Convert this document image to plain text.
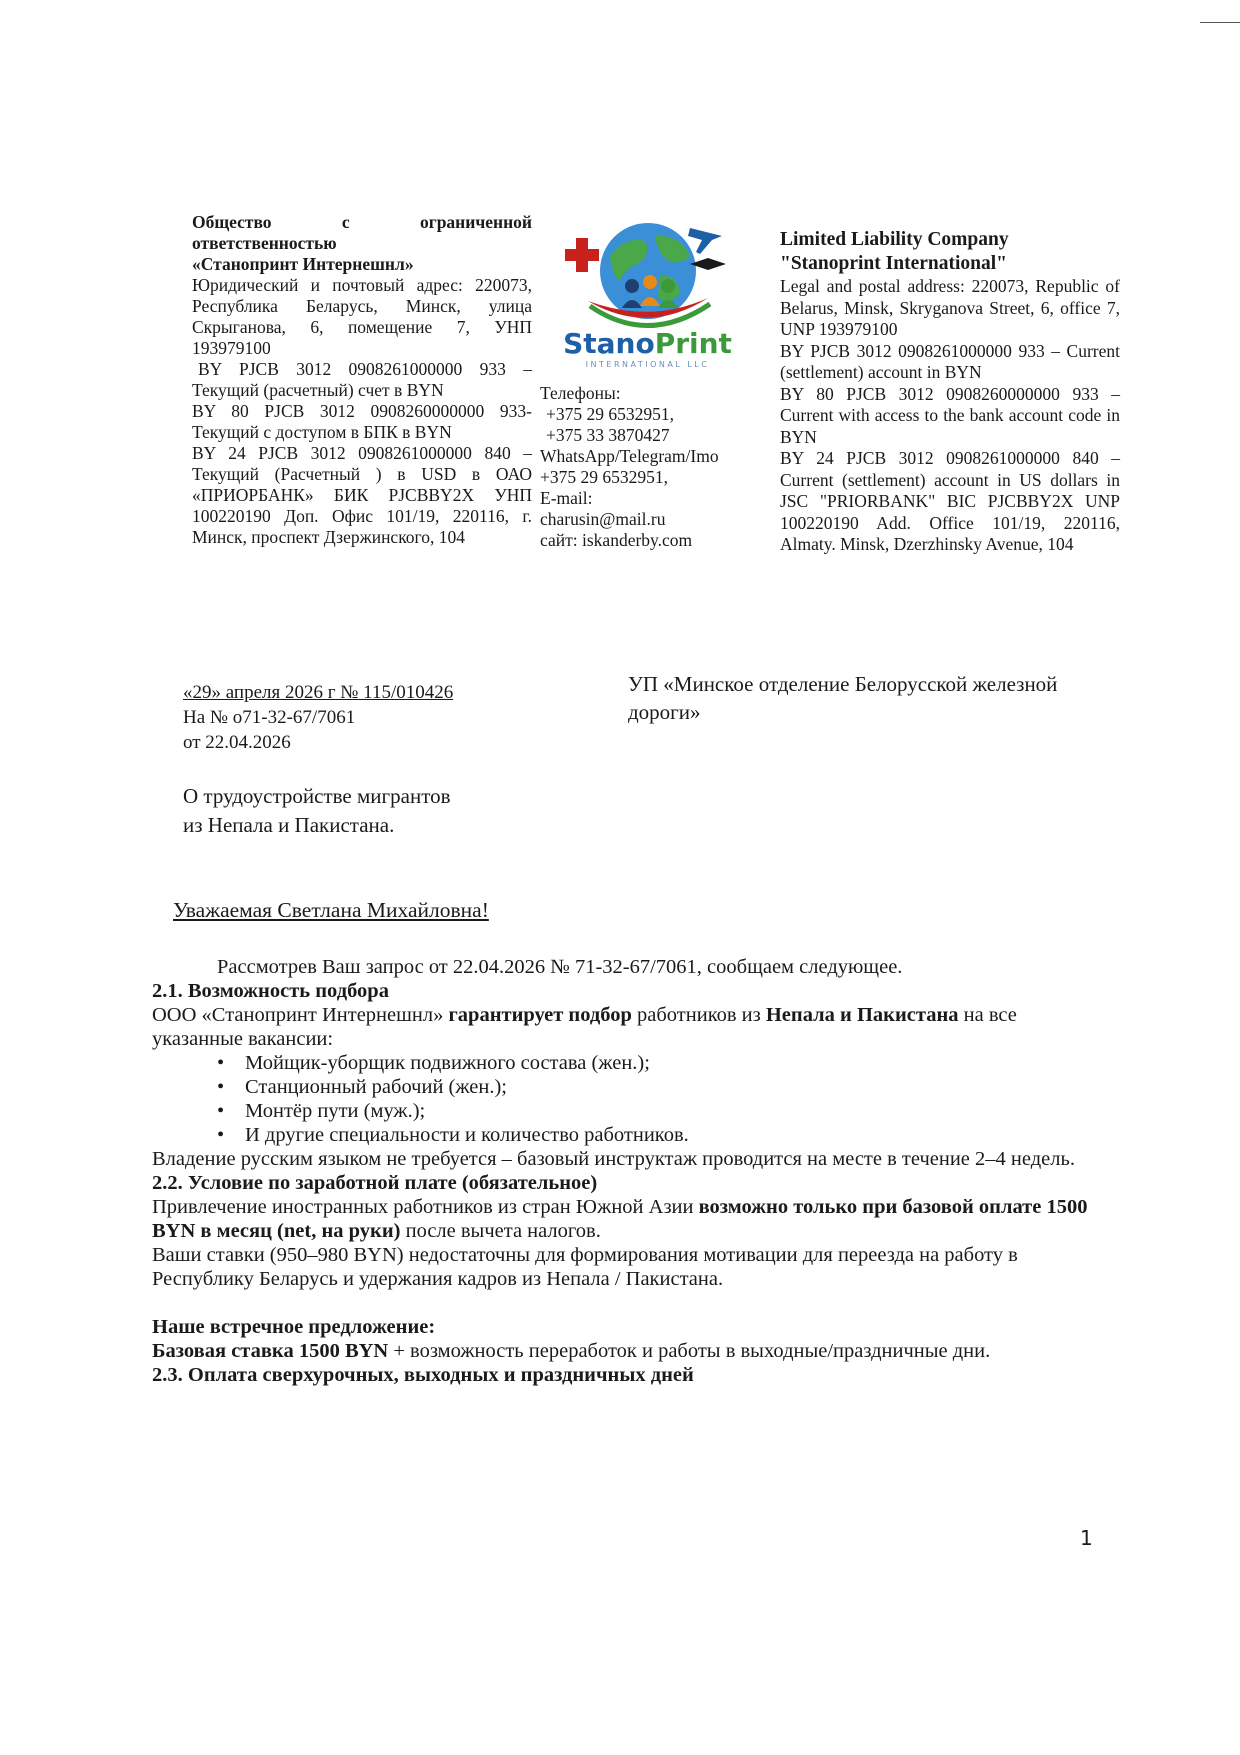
Общество	с	ограниченной
ответственностью
«Станопринт Интернешнл»

Юридический и почтовый адрес: 220073, Республика Беларусь, Минск, улица Скрыганова, 6, помещение 7, УНП 193979100

BY PJCB 3012 0908261000000 933 – Текущий (расчетный) счет в BYN

BY 80 PJCB 3012 0908260000000 933- Текущий с доступом в БПК в BYN

BY 24 PJCB 3012 0908261000000 840 – Текущий (Расчетный ) в USD в ОАО «ПРИОРБАНК» БИК PJCBBY2X УНП 100220190 Доп. Офис 101/19, 220116, г. Минск, проспект Дзержинского, 104

StanoPrint
INTERNATIONAL LLC
Телефоны:
+375 29 6532951,
+375 33 3870427
WhatsApp/Telegram/Imo
+375 29 6532951,
E-mail:
charusin@mail.ru
сайт: iskanderby.com
Limited Liability Company
"Stanoprint International"

Legal and postal address: 220073, Republic of Belarus, Minsk, Skryganova Street, 6, office 7, UNP 193979100

BY PJCB 3012 0908261000000 933 – Current (settlement) account in BYN

BY 80 PJCB 3012 0908260000000 933 – Current with access to the bank account code in BYN

BY 24 PJCB 3012 0908261000000 840 – Current (settlement) account in US dollars in JSC "PRIORBANK" BIC PJCBBY2X UNP 100220190 Add. Office 101/19, 220116, Almaty. Minsk, Dzerzhinsky Avenue, 104

«29» апреля 2026 г № 115/010426
На № о71-32-67/7061
от 22.04.2026
УП «Минское отделение Белорусской железной дороги»
О трудоустройстве мигрантов
из Непала и Пакистана.
Уважаемая Светлана Михайловна!

Рассмотрев Ваш запрос от 22.04.2026 № 71-32-67/7061, сообщаем следующее.

2.1. Возможность подбора

ООО «Станопринт Интернешнл» гарантирует подбор работников из Непала и Пакистана на все указанные вакансии:

• Мойщик-уборщик подвижного состава (жен.);
• Станционный рабочий (жен.);
• Монтёр пути (муж.);
• И другие специальности и количество работников.

Владение русским языком не требуется – базовый инструктаж проводится на месте в течение 2–4 недель.

2.2. Условие по заработной плате (обязательное)

Привлечение иностранных работников из стран Южной Азии возможно только при базовой оплате 1500 BYN в месяц (net, на руки) после вычета налогов.

Ваши ставки (950–980 BYN) недостаточны для формирования мотивации для переезда на работу в Республику Беларусь и удержания кадров из Непала / Пакистана.

Наше встречное предложение:

Базовая ставка 1500 BYN + возможность переработок и работы в выходные/праздничные дни.

2.3. Оплата сверхурочных, выходных и праздничных дней

1
